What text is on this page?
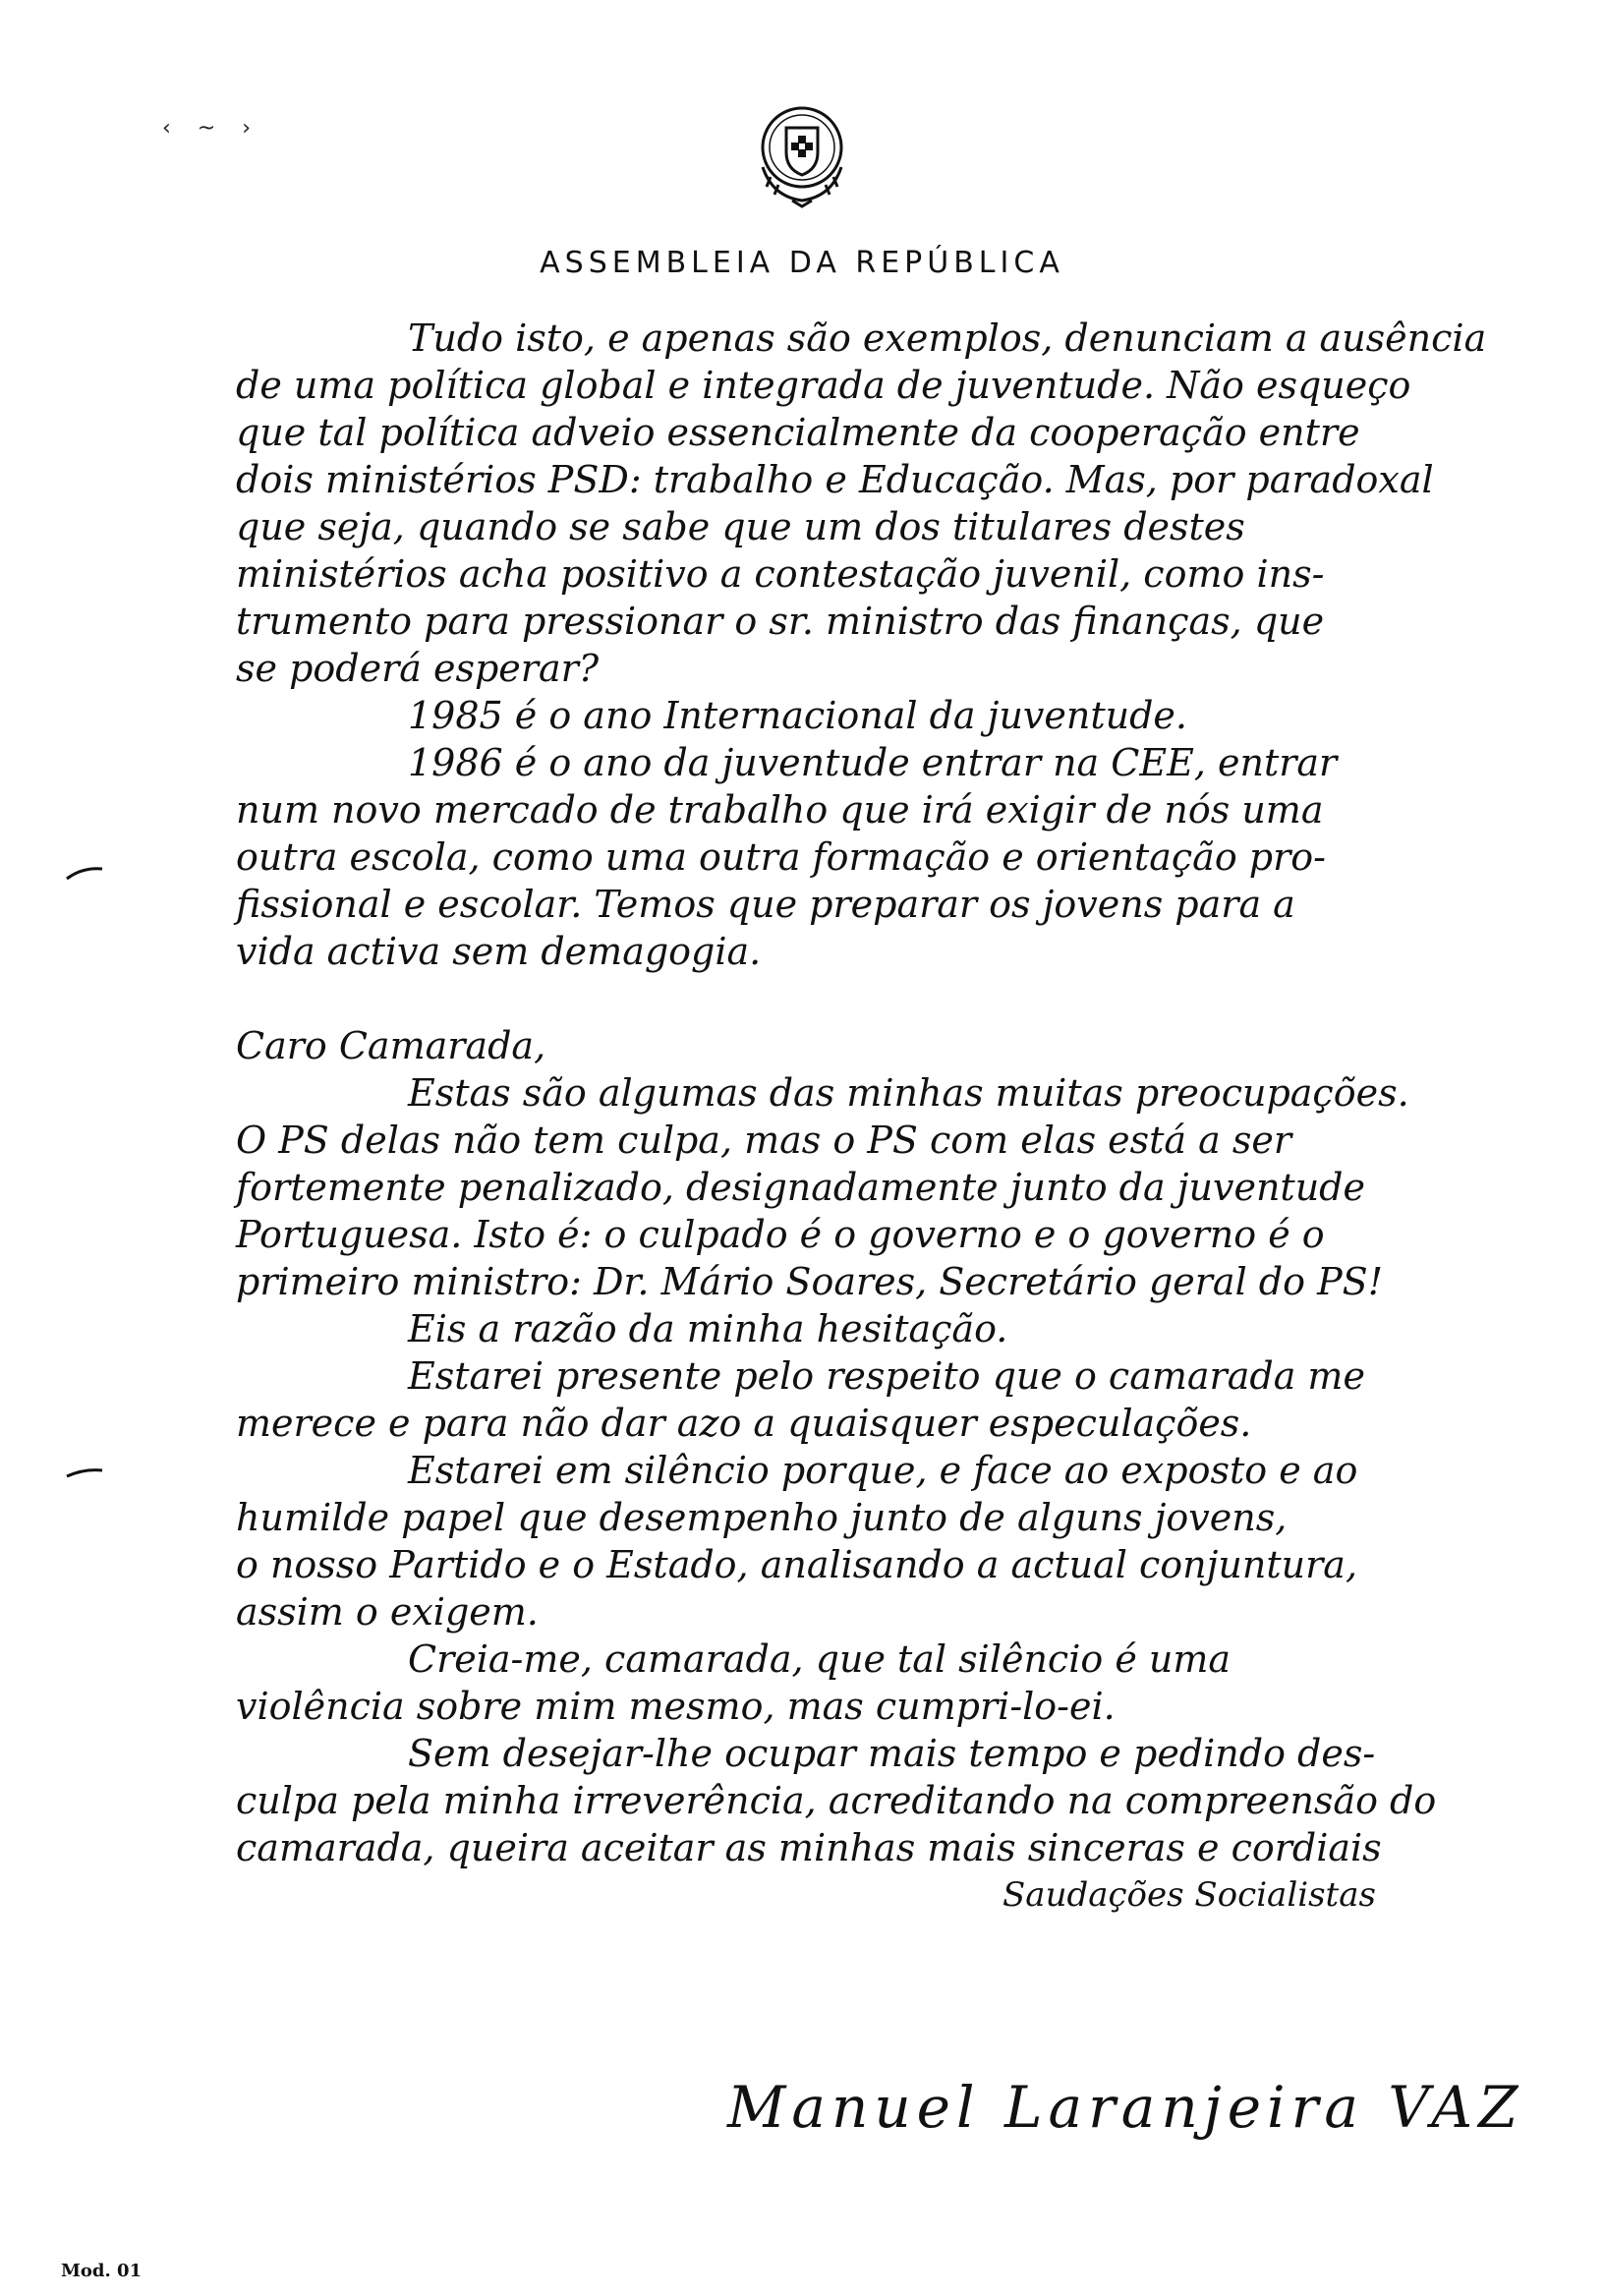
‹ ~ ›
ASSEMBLEIA DA REPÚBLICA
Tudo isto, e apenas são exemplos, denunciam a ausência
de uma política global e integrada de juventude. Não esqueço
que tal política adveio essencialmente da cooperação entre
dois ministérios PSD: trabalho e Educação. Mas, por paradoxal
que seja, quando se sabe que um dos titulares destes
ministérios acha positivo a contestação juvenil, como ins-
trumento para pressionar o sr. ministro das finanças, que
se poderá esperar?
1985 é o ano Internacional da juventude.
1986 é o ano da juventude entrar na CEE, entrar
num novo mercado de trabalho que irá exigir de nós uma
outra escola, como uma outra formação e orientação pro-
fissional e escolar. Temos que preparar os jovens para a
vida activa sem demagogia.
Caro Camarada,
Estas são algumas das minhas muitas preocupações.
O PS delas não tem culpa, mas o PS com elas está a ser
fortemente penalizado, designadamente junto da juventude
Portuguesa. Isto é: o culpado é o governo e o governo é o
primeiro ministro: Dr. Mário Soares, Secretário geral do PS!
Eis a razão da minha hesitação.
Estarei presente pelo respeito que o camarada me
merece e para não dar azo a quaisquer especulações.
Estarei em silêncio porque, e face ao exposto e ao
humilde papel que desempenho junto de alguns jovens,
o nosso Partido e o Estado, analisando a actual conjuntura,
assim o exigem.
Creia-me, camarada, que tal silêncio é uma
violência sobre mim mesmo, mas cumpri-lo-ei.
Sem desejar-lhe ocupar mais tempo e pedindo des-
culpa pela minha irreverência, acreditando na compreensão do
camarada, queira aceitar as minhas mais sinceras e cordiais
Saudações Socialistas
Manuel Laranjeira VAZ
Mod. 01
